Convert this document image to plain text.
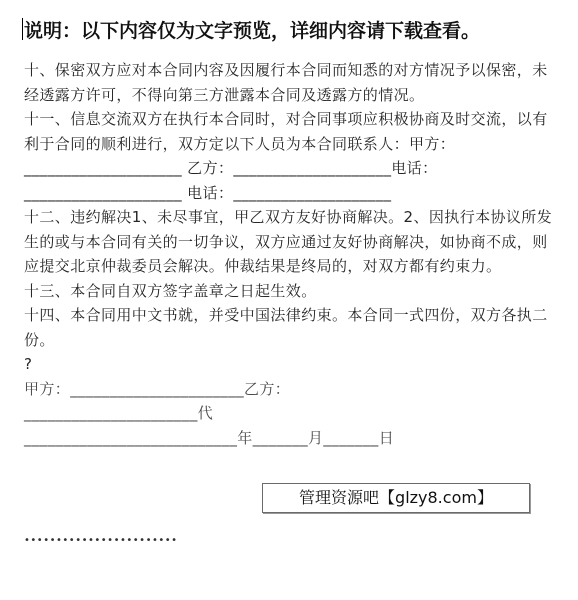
说明：以下内容仅为文字预览，详细内容请下载查看。

十、保密双方应对本合同内容及因履行本合同而知悉的对方情况予以保密，未经透露方许可，不得向第三方泄露本合同及透露方的情况。

十一、信息交流双方在执行本合同时，对合同事项应积极协商及时交流，以有利于合同的顺利进行，双方定以下人员为本合同联系人：甲方：____________________ 乙方：____________________电话：____________________ 电话：____________________

十二、违约解决1、未尽事宜，甲乙双方友好协商解决。2、因执行本协议所发生的或与本合同有关的一切争议，双方应通过友好协商解决，如协商不成，则应提交北京仲裁委员会解决。仲裁结果是终局的，对双方都有约束力。

十三、本合同自双方签字盖章之日起生效。

十四、本合同用中文书就，并受中国法律约束。本合同一式四份，双方各执二份。

?

甲方：______________________乙方：

______________________代

___________________________年_______月_______日

管理资源吧【glzy8.com】
••••••••••••••••••••••••
